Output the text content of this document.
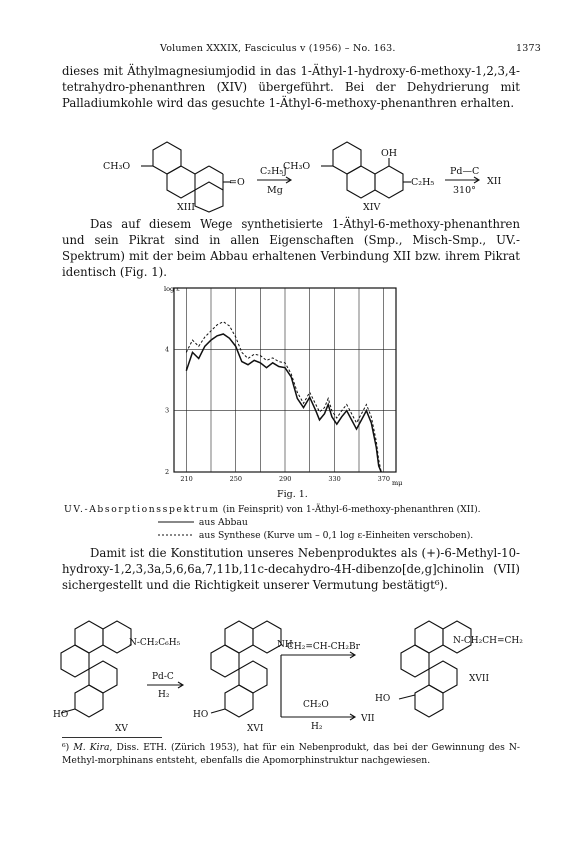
Volumen XXXIX, Fasciculus v (1956) – No. 163.	1373
dieses mit Äthylmagnesiumjodid in das 1-Äthyl-1-hydroxy-6-methoxy-1,2,3,4-tetrahydro-phenanthren (XIV) übergeführt. Bei der Dehydrierung mit Palladiumkohle wird das gesuchte 1-Äthyl-6-methoxy-phenanthren erhalten.
CH₃O
=O
XIII
C₂H₅J
Mg
CH₃O
OH
C₂H₅
XIV
Pd—C
310°
XII
Das auf diesem Wege synthetisierte 1-Äthyl-6-methoxy-phenanthren und sein Pikrat sind in allen Eigenschaften (Smp., Misch-Smp., UV.-Spektrum) mit der beim Abbau erhaltenen Verbindung XII bzw. ihrem Pikrat identisch (Fig. 1).
210	250	290	330	370
2
3
4
log ε
mμ
Fig. 1.
UV.-Absorptionsspektrum (in Feinsprit) von 1-Äthyl-6-methoxy-phenanthren (XII).
aus Abbau
aus Synthese (Kurve um – 0,1 log ε-Einheiten verschoben).
Damit ist die Konstitution unseres Nebenproduktes als (+)-6-Methyl-10-hydroxy-1,2,3,3a,5,6,6a,7,11b,11c-decahydro-4H-dibenzo[de,g]chinolin (VII) sichergestellt und die Richtigkeit unserer Vermutung bestätigt⁶).
N-CH₂C₆H₅
HO
XV
Pd-C
H₂
NH
HO
XVI
CH₂=CH-CH₂Br
CH₂O
H₂
VII
N-CH₂CH=CH₂
HO
XVII
⁶) M. Kira, Diss. ETH. (Zürich 1953), hat für ein Nebenprodukt, das bei der Gewinnung des N-Methyl-morphinans entsteht, ebenfalls die Apomorphinstruktur nachgewiesen.
